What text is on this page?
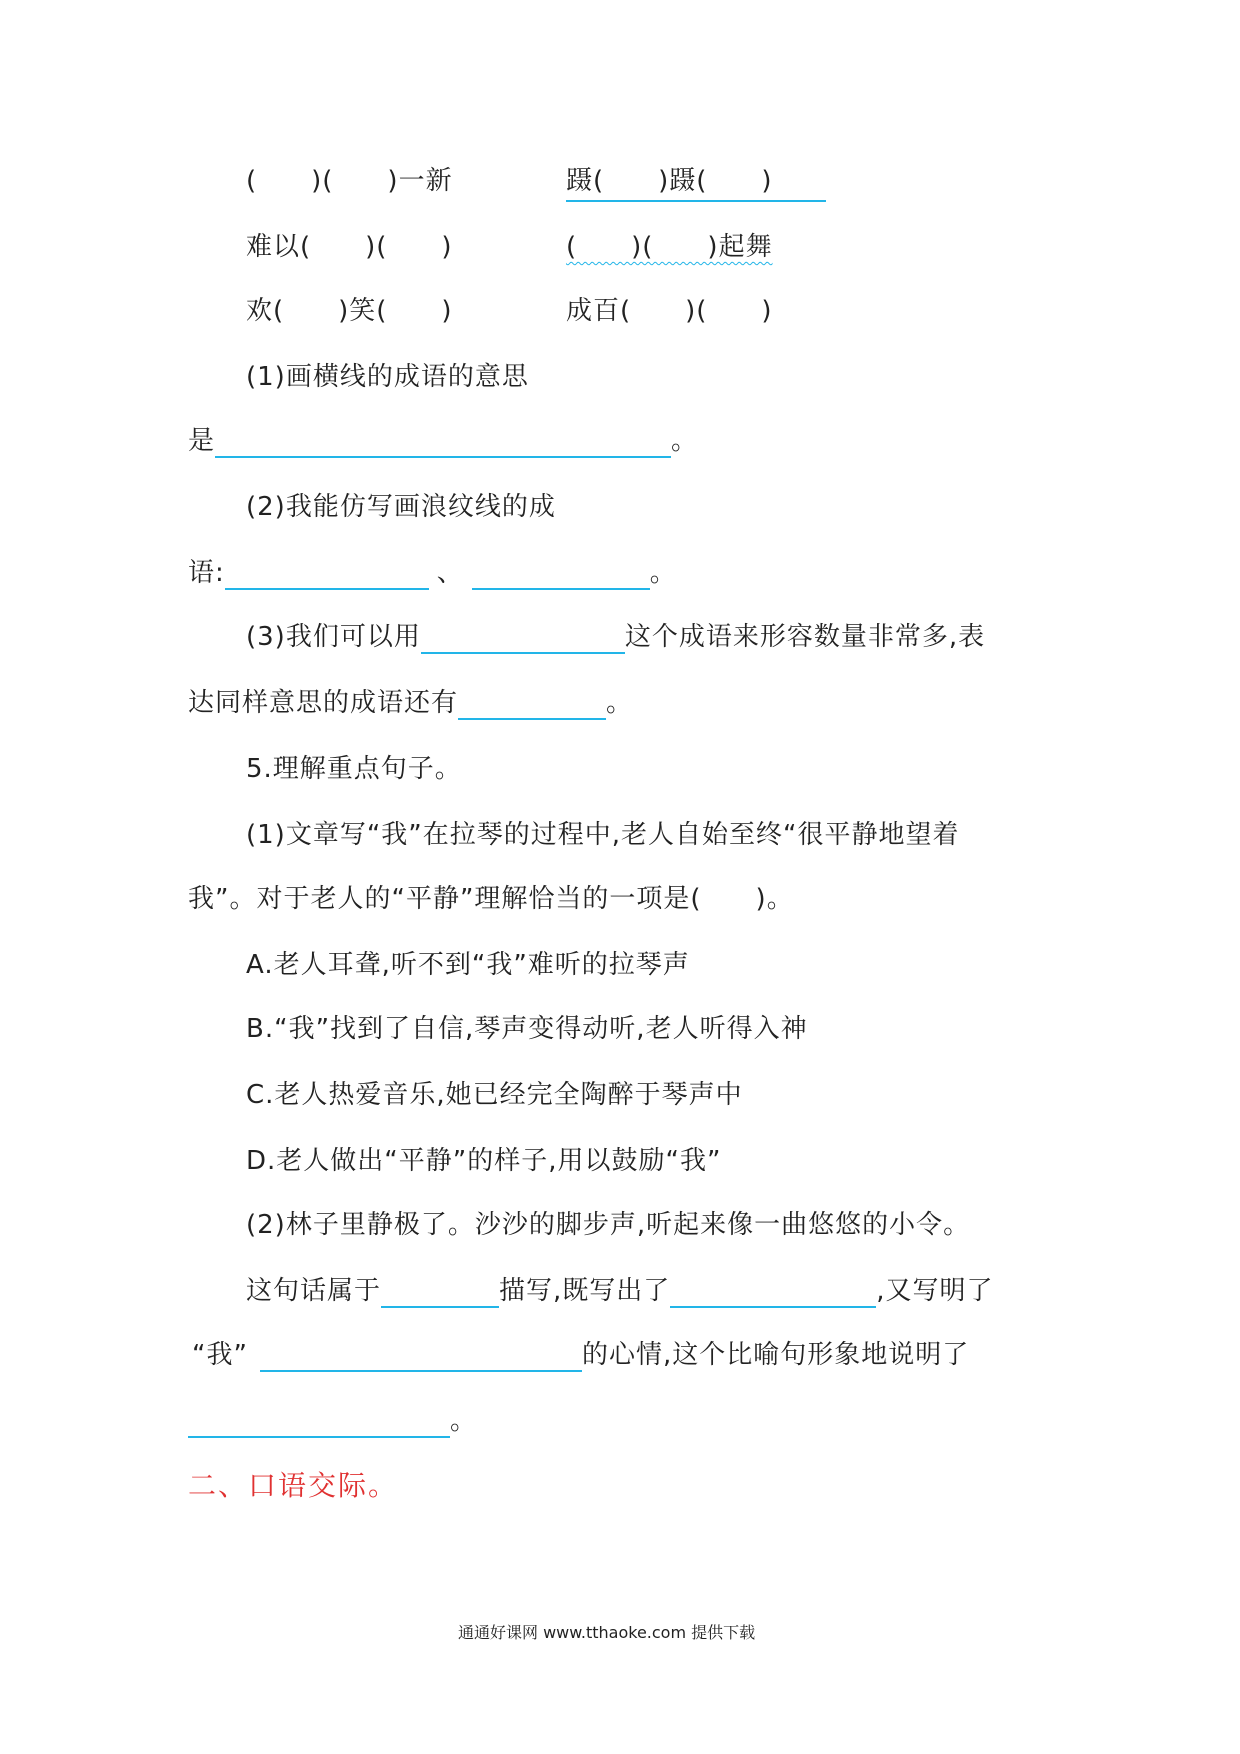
(　　)(　　)一新	蹑(　　)蹑(　　)
难以(　　)(　　)	(　　)(　　)起舞
欢(　　)笑(　　)	成百(　　)(　　)
(1)画横线的成语的意思
是	。
(2)我能仿写画浪纹线的成
语:	、	。
(3)我们可以用	这个成语来形容数量非常多,表
达同样意思的成语还有	。
5.理解重点句子。
(1)文章写“我”在拉琴的过程中,老人自始至终“很平静地望着
我”。对于老人的“平静”理解恰当的一项是(　　)。
A.老人耳聋,听不到“我”难听的拉琴声
B.“我”找到了自信,琴声变得动听,老人听得入神
C.老人热爱音乐,她已经完全陶醉于琴声中
D.老人做出“平静”的样子,用以鼓励“我”
(2)林子里静极了。沙沙的脚步声,听起来像一曲悠悠的小令。
这句话属于	描写,既写出了	,又写明了
“我”	的心情,这个比喻句形象地说明了
。
二、口语交际。
通通好课网 www.tthaoke.com 提供下载
